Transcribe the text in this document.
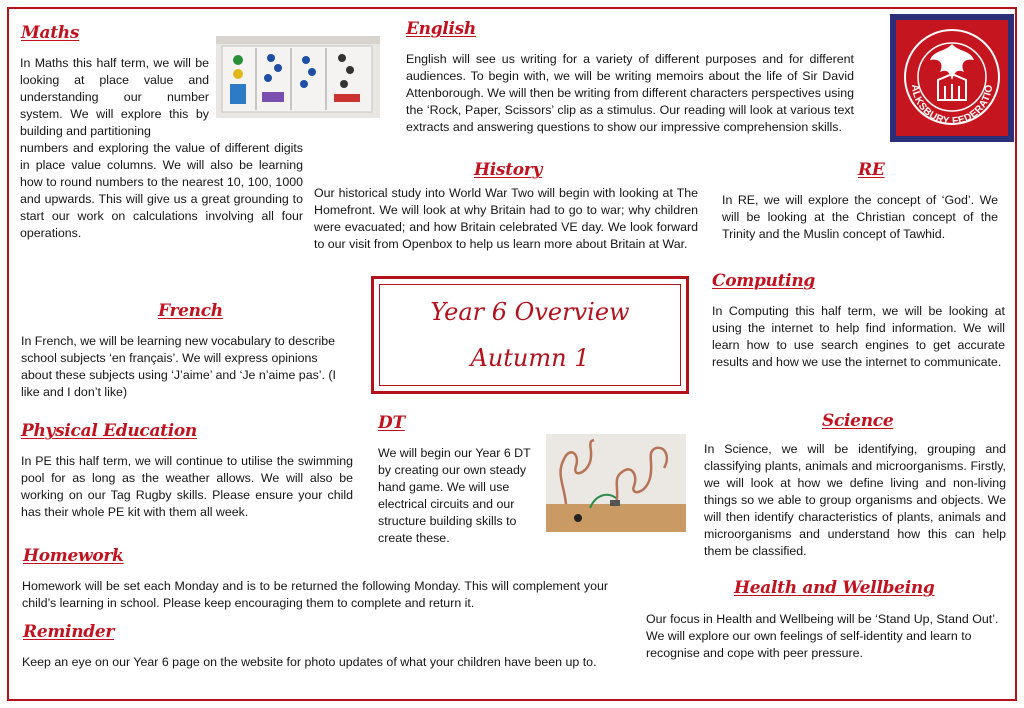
Maths
In Maths this half term, we will be looking at place value and understanding our number system. We will explore this by building and partitioning
numbers and exploring the value of different digits in place value columns. We will also be learning how to round numbers to the nearest 10, 100, 1000 and upwards. This will give us a great grounding to start our work on calculations involving all four operations.
English
English will see us writing for a variety of different purposes and for different audiences. To begin with, we will be writing memoirs about the life of Sir David Attenborough. We will then be writing from different characters perspectives using the ‘Rock, Paper, Scissors’ clip as a stimulus. Our reading will look at various text extracts and answering questions to show our impressive comprehension skills.
ALKSBURY FEDERATIO
History
Our historical study into World War Two will begin with looking at The Homefront. We will look at why Britain had to go to war; why children were evacuated; and how Britain celebrated VE day. We look forward to our visit from Openbox to help us learn more about Britain at War.
RE
In RE, we will explore the concept of ‘God’. We will be looking at the Christian concept of the Trinity and the Muslin concept of Tawhid.
French
In French, we will be learning new vocabulary to describe school subjects ‘en français’. We will express opinions about these subjects using ‘J’aime’ and ‘Je n’aime pas’. (I like and I don’t like)
Year 6 Overview
Autumn 1
Computing
In Computing this half term, we will be looking at using the internet to help find information. We will learn how to use search engines to get accurate results and how we use the internet to communicate.
Physical Education
In PE this half term, we will continue to utilise the swimming pool for as long as the weather allows. We will also be working on our Tag Rugby skills. Please ensure your child has their whole PE kit with them all week.
DT
We will begin our Year 6 DT by creating our own steady hand game. We will use electrical circuits and our structure building skills to create these.
Science
In Science, we will be identifying, grouping and classifying plants, animals and microorganisms. Firstly, we will look at how we define living and non-living things so we able to group organisms and objects. We will then identify characteristics of plants, animals and microorganisms and understand how this can help them be classified.
Homework
Homework will be set each Monday and is to be returned the following Monday. This will complement your child’s learning in school. Please keep encouraging them to complete and return it.
Health and Wellbeing
Our focus in Health and Wellbeing will be ‘Stand Up, Stand Out’. We will explore our own feelings of self-identity and learn to recognise and cope with peer pressure.
Reminder
Keep an eye on our Year 6 page on the website for photo updates of what your children have been up to.
